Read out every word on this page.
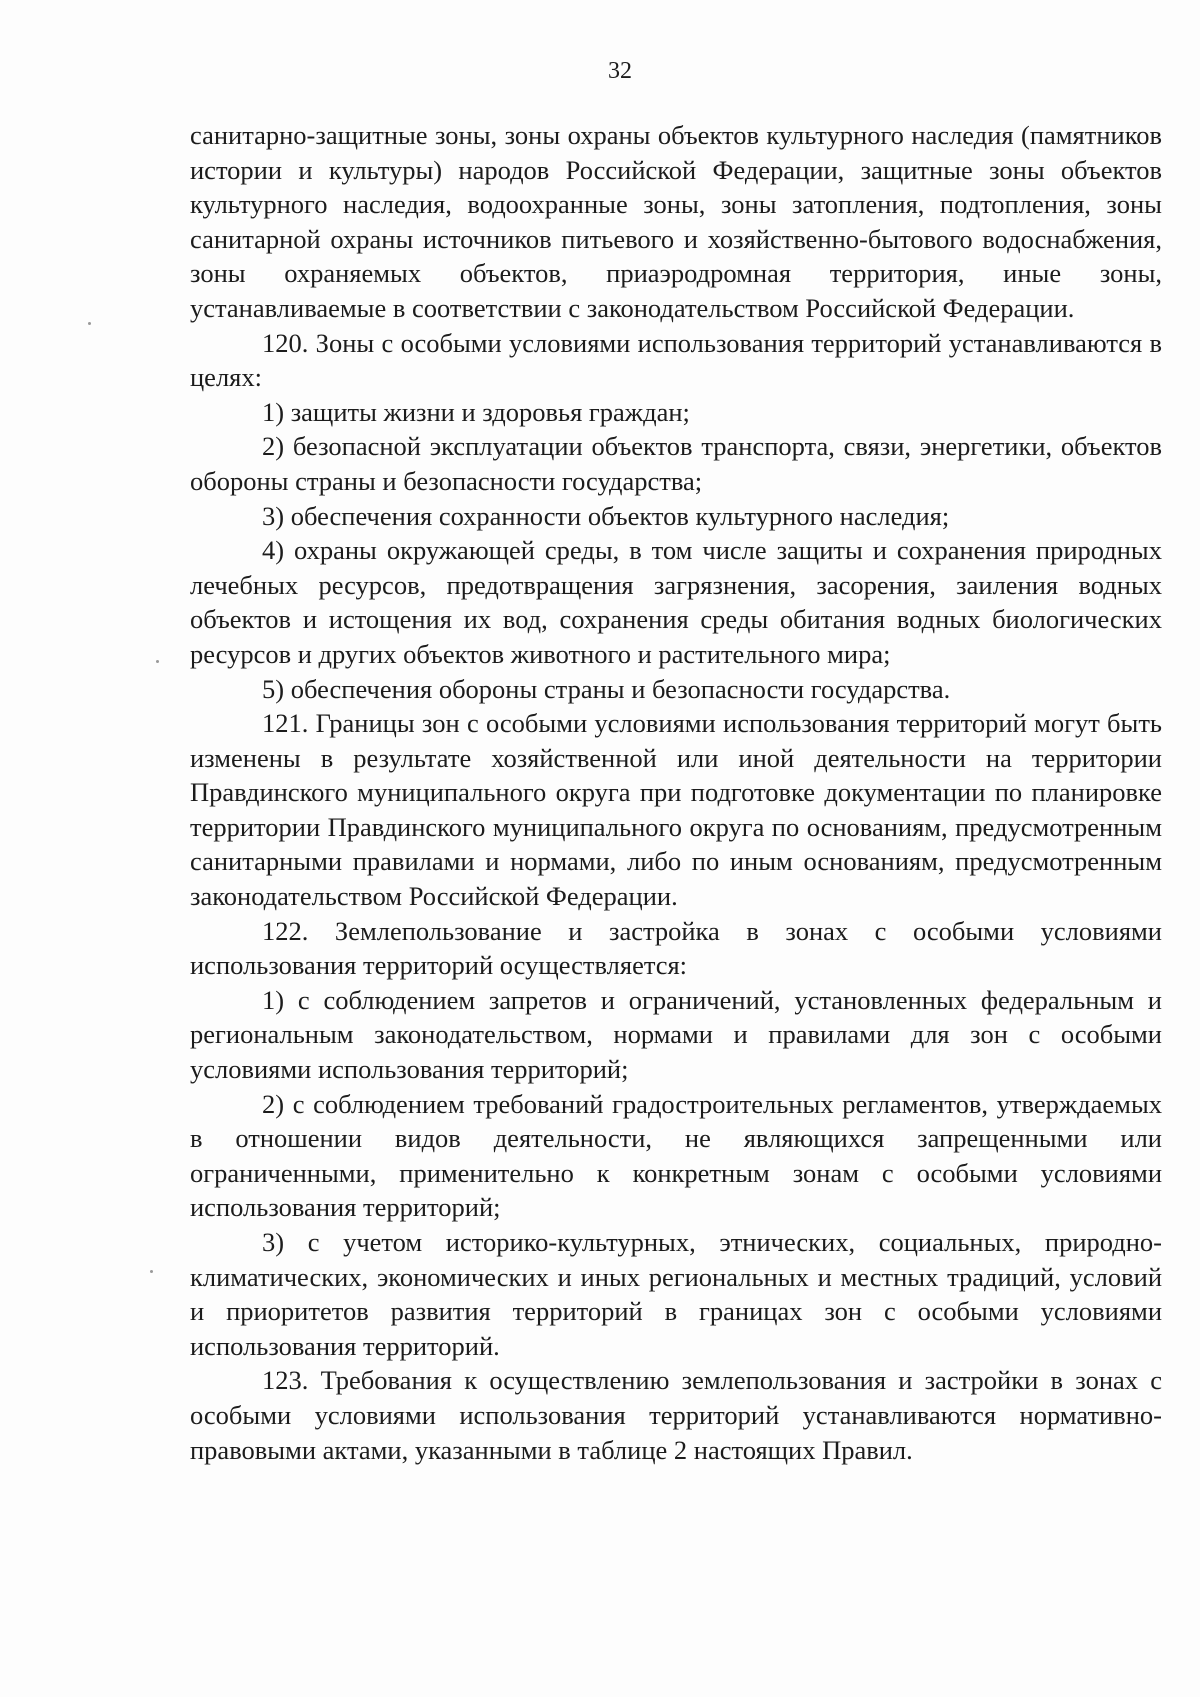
32

санитарно-защитные зоны, зоны охраны объектов культурного наследия (памятников истории и культуры) народов Российской Федерации, защитные зоны объектов культурного наследия, водоохранные зоны, зоны затопления, подтопления, зоны санитарной охраны источников питьевого и хозяйственно-бытового водоснабжения, зоны охраняемых объектов, приаэродромная территория, иные зоны, устанавливаемые в соответствии с законодательством Российской Федерации.

120. Зоны с особыми условиями использования территорий устанавливаются в целях:

1) защиты жизни и здоровья граждан;

2) безопасной эксплуатации объектов транспорта, связи, энергетики, объектов обороны страны и безопасности государства;

3) обеспечения сохранности объектов культурного наследия;

4) охраны окружающей среды, в том числе защиты и сохранения природных лечебных ресурсов, предотвращения загрязнения, засорения, заиления водных объектов и истощения их вод, сохранения среды обитания водных биологических ресурсов и других объектов животного и растительного мира;

5) обеспечения обороны страны и безопасности государства.

121. Границы зон с особыми условиями использования территорий могут быть изменены в результате хозяйственной или иной деятельности на территории Правдинского муниципального округа при подготовке документации по планировке территории Правдинского муниципального округа по основаниям, предусмотренным санитарными правилами и нормами, либо по иным основаниям, предусмотренным законодательством Российской Федерации.

122. Землепользование и застройка в зонах с особыми условиями использования территорий осуществляется:

1) с соблюдением запретов и ограничений, установленных федеральным и региональным законодательством, нормами и правилами для зон с особыми условиями использования территорий;

2) с соблюдением требований градостроительных регламентов, утверждаемых в отношении видов деятельности, не являющихся запрещенными или ограниченными, применительно к конкретным зонам с особыми условиями использования территорий;

3) с учетом историко-культурных, этнических, социальных, природно-климатических, экономических и иных региональных и местных традиций, условий и приоритетов развития территорий в границах зон с особыми условиями использования территорий.

123. Требования к осуществлению землепользования и застройки в зонах с особыми условиями использования территорий устанавливаются нормативно-правовыми актами, указанными в таблице 2 настоящих Правил.
